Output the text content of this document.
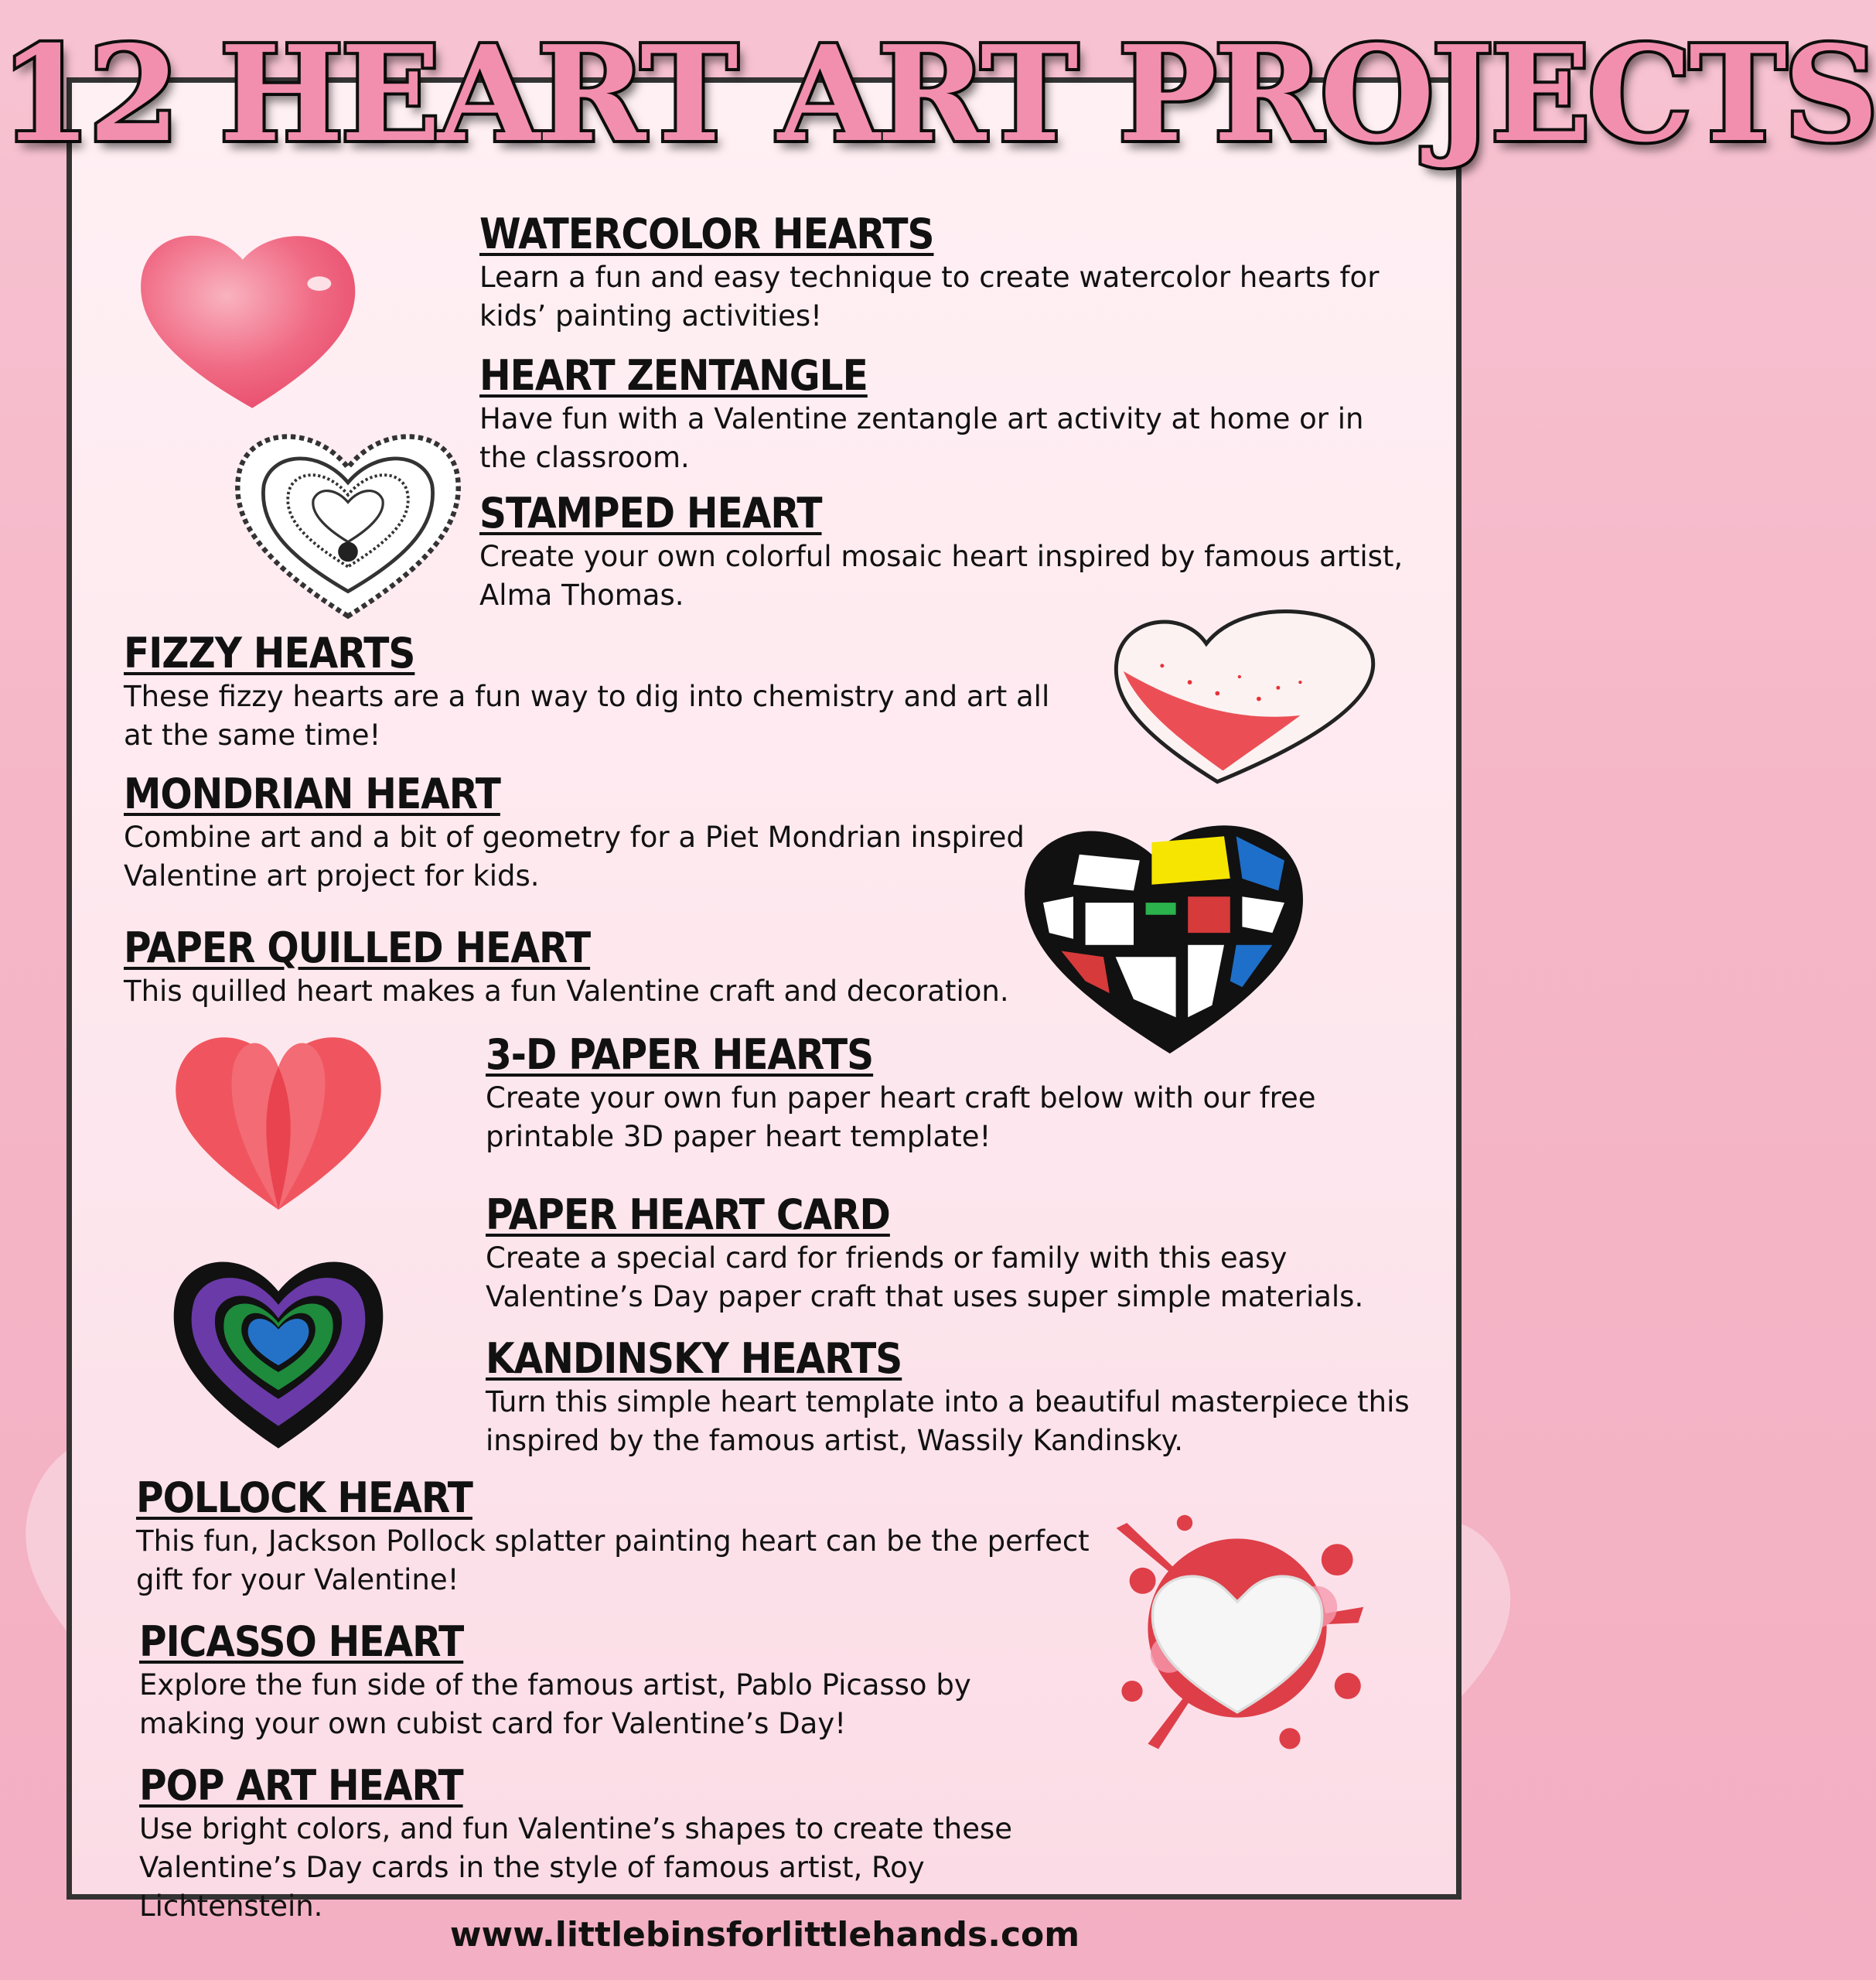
12 HEART ART PROJECTS
WATERCOLOR HEARTS

Learn a fun and easy technique to create watercolor hearts for kids’ painting activities!

HEART ZENTANGLE

Have fun with a Valentine zentangle art activity at home or in the classroom.

STAMPED HEART

Create your own colorful mosaic heart inspired by famous artist, Alma Thomas.

FIZZY HEARTS

These fizzy hearts are a fun way to dig into chemistry and art all at the same time!

MONDRIAN HEART

Combine art and a bit of geometry for a Piet Mondrian inspired Valentine art project for kids.

PAPER QUILLED HEART

This quilled heart makes a fun Valentine craft and decoration.

3-D PAPER HEARTS

Create your own fun paper heart craft below with our free printable 3D paper heart template!

PAPER HEART CARD

Create a special card for friends or family with this easy Valentine’s Day paper craft that uses super simple materials.

KANDINSKY HEARTS

Turn this simple heart template into a beautiful masterpiece this inspired by the famous artist, Wassily Kandinsky.

POLLOCK HEART

This fun, Jackson Pollock splatter painting heart can be the perfect gift for your Valentine!

PICASSO HEART

Explore the fun side of the famous artist, Pablo Picasso by making your own cubist card for Valentine’s Day!

POP ART HEART

Use bright colors, and fun Valentine’s shapes to create these Valentine’s Day cards in the style of famous artist, Roy Lichtenstein.

www.littlebinsforlittlehands.com
